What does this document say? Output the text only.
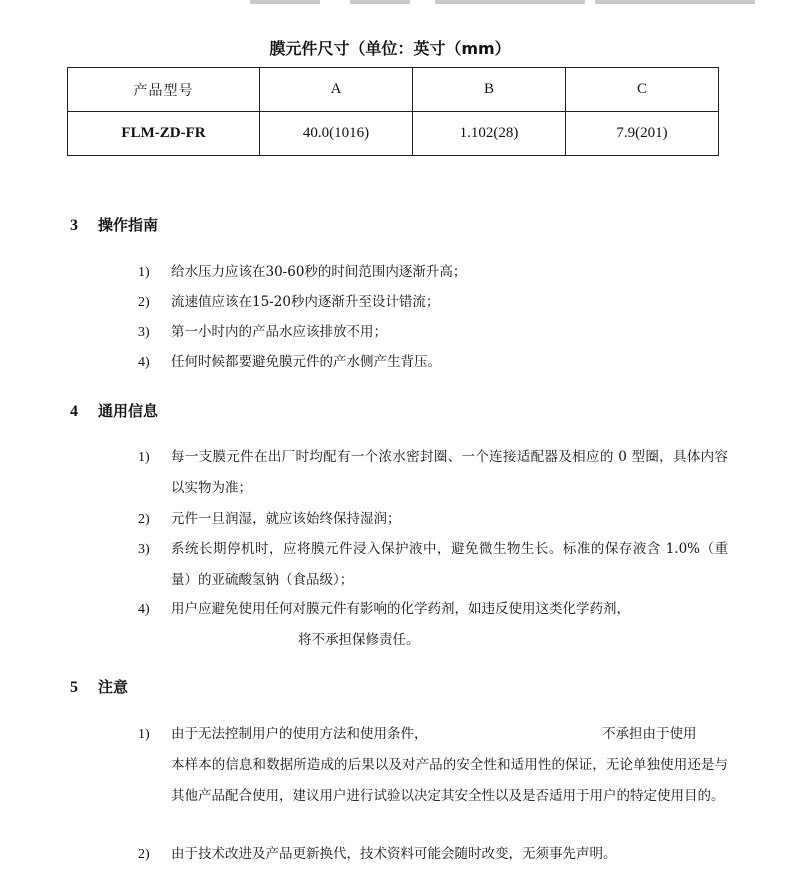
膜元件尺寸（单位：英寸（mm）
产品型号	A	B	C
FLM-ZD-FR	40.0(1016)	1.102(28)	7.9(201)
3 操作指南
1)	给水压力应该在30-60秒的时间范围内逐渐升高；
2)	流速值应该在15-20秒内逐渐升至设计错流；
3)	第一小时内的产品水应该排放不用；
4)	任何时候都要避免膜元件的产水侧产生背压。
4 通用信息
1)	每一支膜元件在出厂时均配有一个浓水密封圈、一个连接适配器及相应的 0 型圈，具体内容以实物为准；
2)	元件一旦润湿，就应该始终保持湿润；
3)	系统长期停机时，应将膜元件浸入保护液中，避免微生物生长。标准的保存液含 1.0%（重量）的亚硫酸氢钠（食品级）；
4)	用户应避免使用任何对膜元件有影响的化学药剂，如违反使用这类化学药剂，
将不承担保修责任。
5 注意
1)	由于无法控制用户的使用方法和使用条件，	不承担由于使用
本样本的信息和数据所造成的后果以及对产品的安全性和适用性的保证，无论单独使用还是与其他产品配合使用，建议用户进行试验以决定其安全性以及是否适用于用户的特定使用目的。
2)	由于技术改进及产品更新换代，技术资料可能会随时改变，无须事先声明。
